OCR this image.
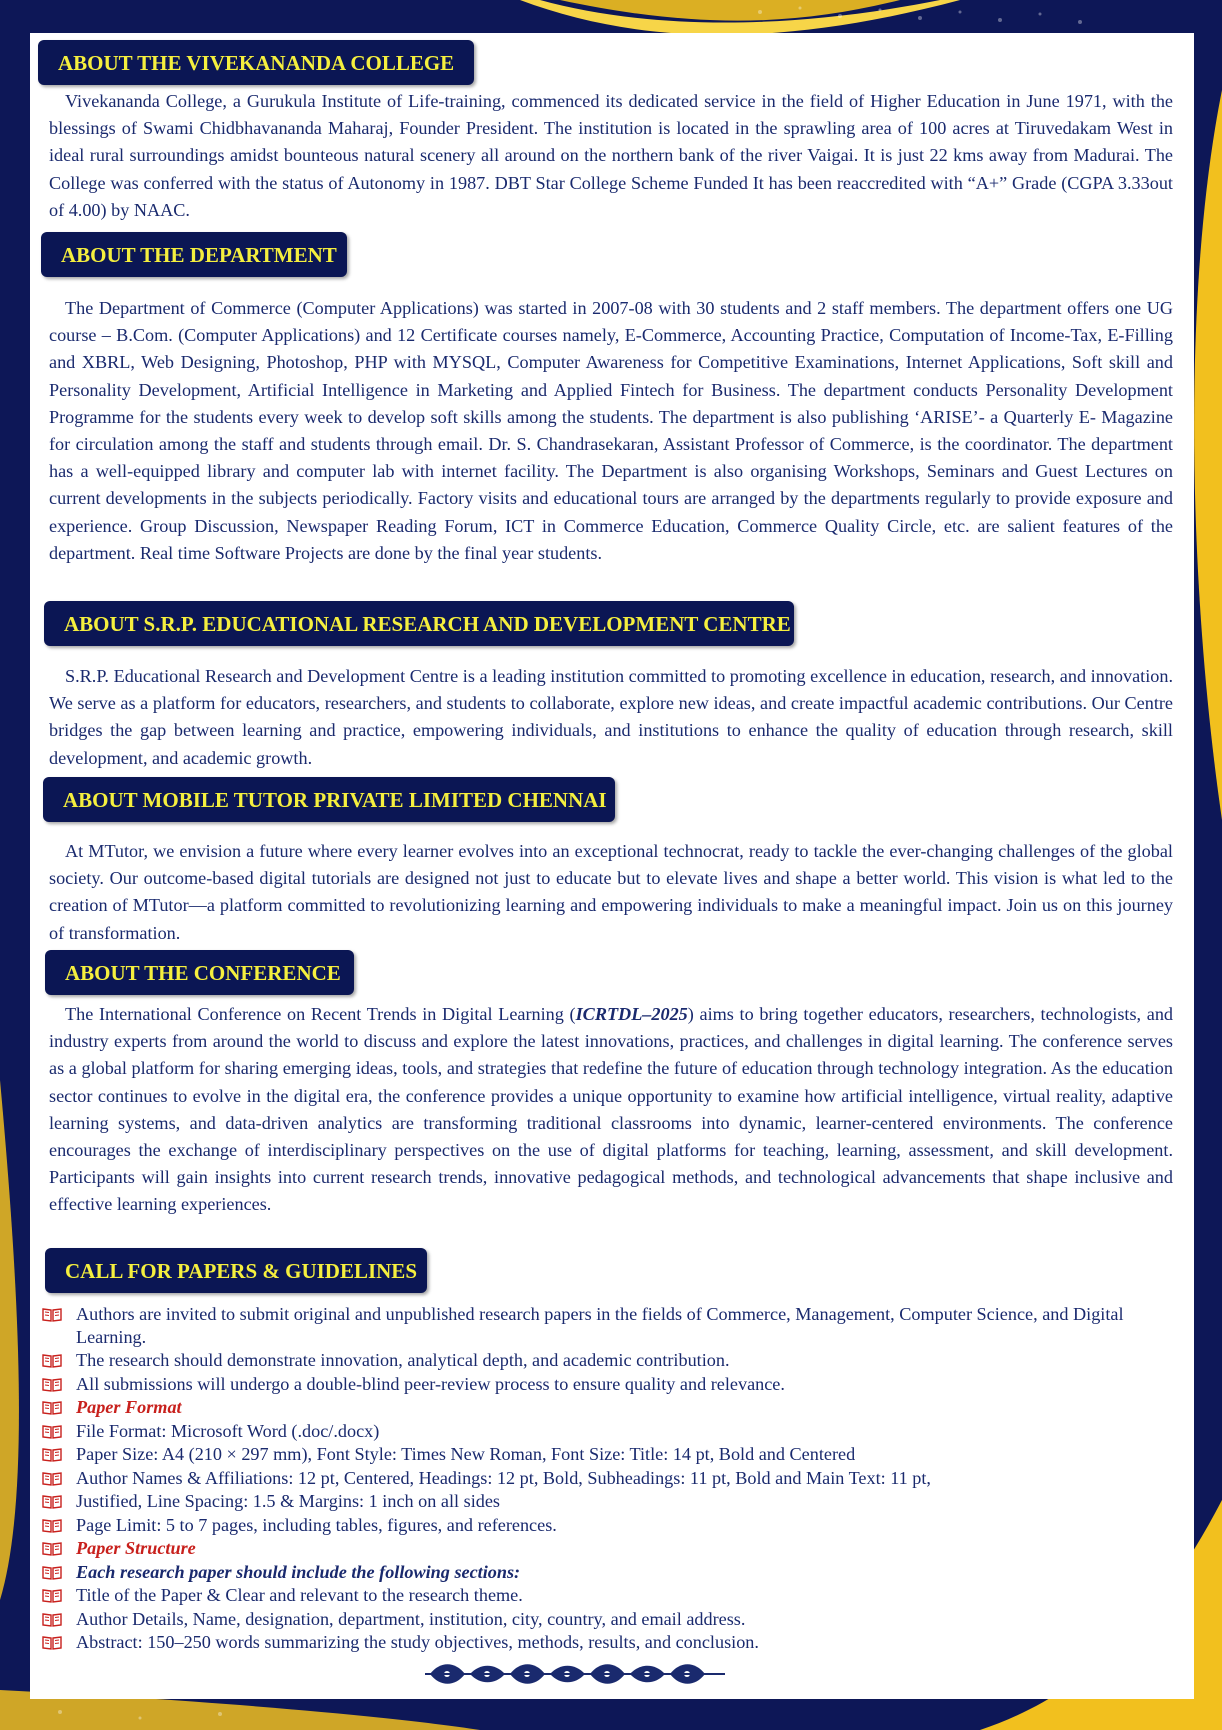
ABOUT THE VIVEKANANDA COLLEGE

Vivekananda College, a Gurukula Institute of Life-training, commenced its dedicated service in the field of Higher Education in June 1971, with the blessings of Swami Chidbhavananda Maharaj, Founder President. The institution is located in the sprawling area of 100 acres at Tiruvedakam West in ideal rural surroundings amidst bounteous natural scenery all around on the northern bank of the river Vaigai. It is just 22 kms away from Madurai. The College was conferred with the status of Autonomy in 1987. DBT Star College Scheme Funded It has been reaccredited with “A+” Grade (CGPA 3.33out of 4.00) by NAAC.

ABOUT THE DEPARTMENT

The Department of Commerce (Computer Applications) was started in 2007-08 with 30 students and 2 staff members. The department offers one UG course – B.Com. (Computer Applications) and 12 Certificate courses namely, E-Commerce, Accounting Practice, Computation of Income-Tax, E-Filling and XBRL, Web Designing, Photoshop, PHP with MYSQL, Computer Awareness for Competitive Examinations, Internet Applications, Soft skill and Personality Development, Artificial Intelligence in Marketing and Applied Fintech for Business. The department conducts Personality Development Programme for the students every week to develop soft skills among the students. The department is also publishing ‘ARISE’- a Quarterly E- Magazine for circulation among the staff and students through email. Dr. S. Chandrasekaran, Assistant Professor of Commerce, is the coordinator. The department has a well-equipped library and computer lab with internet facility. The Department is also organising Workshops, Seminars and Guest Lectures on current developments in the subjects periodically. Factory visits and educational tours are arranged by the departments regularly to provide exposure and experience. Group Discussion, Newspaper Reading Forum, ICT in Commerce Education, Commerce Quality Circle, etc. are salient features of the department. Real time Software Projects are done by the final year students.

ABOUT S.R.P. EDUCATIONAL RESEARCH AND DEVELOPMENT CENTRE

S.R.P. Educational Research and Development Centre is a leading institution committed to promoting excellence in education, research, and innovation. We serve as a platform for educators, researchers, and students to collaborate, explore new ideas, and create impactful academic contributions. Our Centre bridges the gap between learning and practice, empowering individuals, and institutions to enhance the quality of education through research, skill development, and academic growth.

ABOUT MOBILE TUTOR PRIVATE LIMITED CHENNAI

At MTutor, we envision a future where every learner evolves into an exceptional technocrat, ready to tackle the ever-changing challenges of the global society. Our outcome-based digital tutorials are designed not just to educate but to elevate lives and shape a better world. This vision is what led to the creation of MTutor—a platform committed to revolutionizing learning and empowering individuals to make a meaningful impact. Join us on this journey of transformation.

ABOUT THE CONFERENCE

The International Conference on Recent Trends in Digital Learning (ICRTDL–2025) aims to bring together educators, researchers, technologists, and industry experts from around the world to discuss and explore the latest innovations, practices, and challenges in digital learning. The conference serves as a global platform for sharing emerging ideas, tools, and strategies that redefine the future of education through technology integration. As the education sector continues to evolve in the digital era, the conference provides a unique opportunity to examine how artificial intelligence, virtual reality, adaptive learning systems, and data-driven analytics are transforming traditional classrooms into dynamic, learner-centered environments. The conference encourages the exchange of interdisciplinary perspectives on the use of digital platforms for teaching, learning, assessment, and skill development. Participants will gain insights into current research trends, innovative pedagogical methods, and technological advancements that shape inclusive and effective learning experiences.

CALL FOR PAPERS & GUIDELINES
Authors are invited to submit original and unpublished research papers in the fields of Commerce, Management, Computer Science, and Digital Learning.
The research should demonstrate innovation, analytical depth, and academic contribution.
All submissions will undergo a double-blind peer-review process to ensure quality and relevance.
Paper Format
File Format: Microsoft Word (.doc/.docx)
Paper Size: A4 (210 × 297 mm), Font Style: Times New Roman, Font Size: Title: 14 pt, Bold and Centered
Author Names & Affiliations: 12 pt, Centered, Headings: 12 pt, Bold, Subheadings: 11 pt, Bold and Main Text: 11 pt,
Justified, Line Spacing: 1.5 & Margins: 1 inch on all sides
Page Limit: 5 to 7 pages, including tables, figures, and references.
Paper Structure
Each research paper should include the following sections:
Title of the Paper & Clear and relevant to the research theme.
Author Details, Name, designation, department, institution, city, country, and email address.
Abstract: 150–250 words summarizing the study objectives, methods, results, and conclusion.
